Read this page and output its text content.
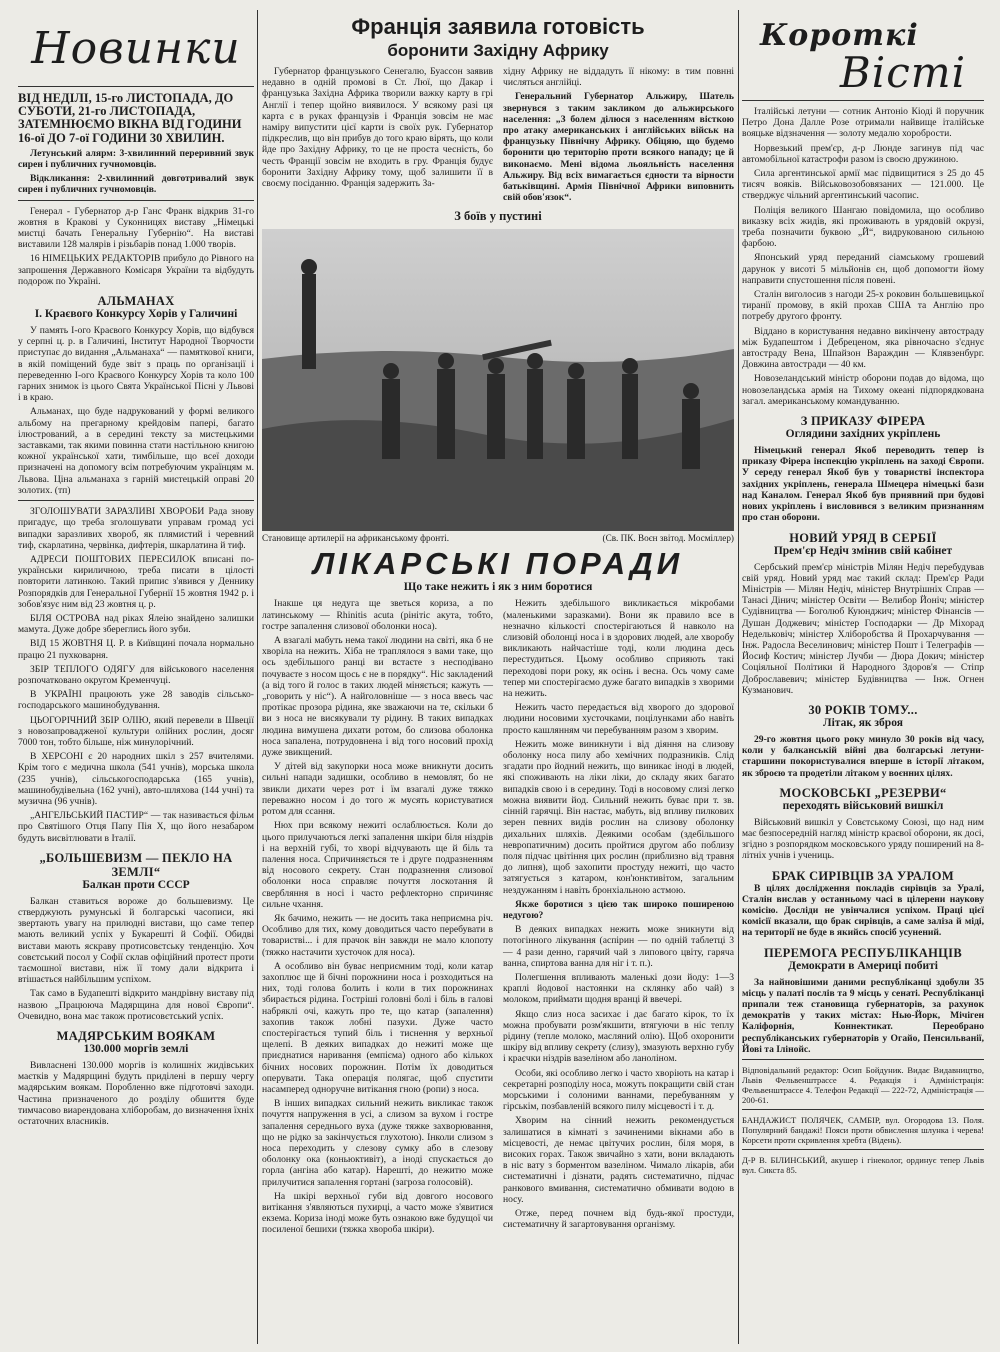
Новинки

ВІД НЕДІЛІ, 15-го ЛИСТОПАДА, ДО СУБОТИ, 21-го ЛИСТОПАДА, ЗАТЕМНЮЄМО ВІКНА ВІД ГОДИНИ 16-ої ДО 7-ої ГОДИНИ 30 ХВИЛИН.

Летунський алярм: 3-хвилинний переривний звук сирен і публичних гучномовців.

Відкликання: 2-хвилинний довготривалий звук сирен і публичних гучномовців.

Генерал - Губернатор д-р Ганс Франк відкрив 31-го жовтня в Кракові у Суконницях виставу „Німецькі мистці бачать Генеральну Губернію“. На виставі виставили 128 малярів і різьбарів понад 1.000 творів.

16 НІМЕЦЬКИХ РЕДАКТОРІВ прибуло до Рівного на запрошення Державного Комісаря України та відбудуть подорож по Україні.

АЛЬМАНАХ
I. Краєвого Конкурсу Хорів у Галичині

У память I-ого Краєвого Конкурсу Хорів, що відбувся у серпні ц. р. в Галичині, Інститут Народної Творчости приступає до видання „Альманаха“ — памяткової книги, в якій поміщений буде звіт з праць по організації і переведенню I-ого Краєвого Конкурсу Хорів та коло 100 гарних знимок із цього Свята Української Пісні у Львові і в краю.

Альманах, що буде надрукований у формі великого альбому на прегарному крейдовім папері, багато ілюстрований, а в середині тексту за мистецькими заставками, так якими повинна стати настільною книгою кожної української хати, тимбільше, що всеї доходи призначені на допомогу всім потребуючим українцям м. Львова. Ціна альманаха з гарній мистецькій оправі 20 золотих. (тп)

ЗГОЛОШУВАТИ ЗАРАЗЛИВІ ХВОРОБИ Рада знову пригадує, що треба зголошувати управам громад усі випадки заразливих хвороб, як плямистий і черевний тиф, скарлатина, червінка, дифтерія, шкарлатина й тиф.

АДРЕСИ ПОШТОВИХ ПЕРЕСИЛОК вписані по-українськи кириличною, треба писати в цілості повторити латинкою. Такий припис з'явився у Деннику Розпорядків для Генеральної Губернії 15 жовтня 1942 р. і зобов'язує ним від 23 жовтня ц. р.

БІЛЯ ОСТРОВА над ріках Ялеію знайдено залишки мамута. Дуже добре збереглись його зуби.

ВІД 15 ЖОВТНЯ Ц. Р. в Київщині почала нормально працю 21 пухковарня.

ЗБІР ТЕПЛОГО ОДЯГУ для військового населення розпочатковано округом Кременчуці.

В УКРАЇНІ працюють уже 28 заводів сільсько-господарського машинобудування.

ЦЬОГОРІЧНИЙ ЗБІР ОЛІЮ, який перевели в Швеції з новозапровадженої культури олійних рослин, досяг 7000 тон, тобто більше, ніж минулорічний.

В ХЕРСОНІ є 20 народних шкіл з 257 вчителями. Крім того є медична школа (541 учнів), морська школа (235 учнів), сільськогосподарська (165 учнів), машинобудівельна (162 учні), авто-шляхова (144 учні) та музична (96 учнів).

„АНГЕЛЬСЬКИЙ ПАСТИР“ — так називається фільм про Святішого Отця Папу Пія Х, що його незабаром будуть висвітлювати в Італії.

„БОЛЬШЕВИЗМ — ПЕКЛО НА ЗЕМЛІ“
Балкан проти СССР

Балкан ставиться вороже до большевизму. Це стверджують румунські й болгарські часописи, які звертають увагу на прилюдні вистави, що саме тепер мають великий успіх у Букарешті й Софії. Обидві вистави мають яскраву протисовєтську тенденцію. Хоч совєтський посол у Софії склав офіційний протест проти таємошної вистави, ніж її тому дали відкрита і втішається найбільшим успіхом.

Так само в Будапешті відкрито мандрівну виставу під назвою „Працююча Мадярщина для нової Європи“. Очевидно, вона має також протисовєтський успіх.

МАДЯРСЬКИМ ВОЯКАМ
130.000 моргів землі

Вивласнені 130.000 моргів із колишніх жидівських маєтків у Мадярщині будуть приділені в першу чергу мадярським воякам. Поробленно вже підготовчі заходи. Частина призначеного до розділу обшиття буде тимчасово виарендована хліборобам, до визначення їхніх остаточних власників.

Франція заявила готовість
боронити Західну Африку

Губернатор французького Сенегалю, Буассон заявив недавно в одній промові в Ст. Люї, що Дакар і французька Західна Африка творили важку карту в грі Англії і тепер щойно виявилося. У всякому разі ця карта є в руках французів і Франція зовсім не має наміру випустити цієї карти із своїх рук. Губернатор підкреслив, що він прибув до того краю вірять, що коли йде про Західну Африку, то це не проста чесність, бо честь Франції зовсім не входить в гру. Франція будує боронити Західну Африку тому, щоб залишити її в своєму посіданню. Франція задержить За-

хідну Африку не віддадуть її нікому: в тим повнні числяться англійці.

Генеральний Губернатор Альжиру, Шатель звернувся з таким закликом до альжирського населення: „З болем ділюся з населенням вісткою про атаку американських і англійських військ на французьку Північну Африку. Обіцяю, що будемо боронити цю територію проти всякого нападу; це й виконаємо. Мені відома льояльність населення Альжиру. Від всіх вимагається єдности та вірности батьківщині. Армія Північної Африки виповнить свій обов'язок“.

З боїв у пустині
Становище артилерії на африканському фронті.	(Св. ПК. Воєн звітод. Мосміллер)
ЛІКАРСЬКІ ПОРАДИ
Що таке нежить і як з ним боротися

Інакше ця недуга ще зветься кориза, а по латинському — Rhinitis acuta (рінітіс акута, тобто, гостре запалення слизової оболонки носа).

А взагалі мабуть нема такої людини на світі, яка б не хворіла на нежить. Хіба не траплялося з вами таке, що ось здебільшого ранці ви встаєте з несподівано почуваєте з носом щось є не в порядку“. Ніс закладений (а від того й голос в таких людей міняється; кажуть — „говорить у ніс“). А найголовніше — з носа ввесь час протікає прозора рідина, яке зважаючи на те, скільки б ви з носа не висякували ту рідину. В таких випадках людина вимушена дихати ротом, бо слизова оболонка носа запалена, потрудовнена і від того носовий прохід дуже звикщений.

У дітей від закупорки носа може вникнути досить сильні напади задишки, особливо в немовлят, бо не звикли дихати через рот і їм взагалі дуже тяжко переважно носом і до того ж мусять користуватися ротом для ссання.

Нюх при всякому нежиті ослаблюється. Коли до цього прилучаються легкі запалення шкіри біля ніздрів і на верхній губі, то хворі відчувають ще й біль та палення носа. Спричиняється те і друге подразненням від носового секрету. Стан подразнення слизової оболонки носа справляє почуття лоскотання й свербляння в носі і часто рефлекторно спричиняє сильне чхання.

Як бачимо, нежить — не досить така неприємна річ. Особливо для тих, кому доводиться часто перебувати в товаристві... і для прачок він завжди не мало клопоту (тяжко настачити хусточок для носа).

А особливо він буває неприємним тоді, коли катар захоплює ще й бічні порожнини носа і розходиться на них, тоді голова болить і коли в тих порожнинах збирається рідина. Гостріші головні болі і біль в галові набряклі очі, кажуть про те, що катар (запалення) захопив також лобні пазухи. Дуже часто спостерігається тупий біль і тиснення у верхньої щелепі. В деяких випадках до нежиті може ще приєднатися наривання (емпієма) одного або кількох бічних носових порожнин. Потім їх доводиться оперувати. Така операція полягає, щоб спустити насамперед одноручне витікання гною (ропи) з носа.

В інших випадках сильний нежить викликає також почуття напруження в усі, а слизом за вухом і гостре запалення середнього вуха (дуже тяжке захворювання, що не рідко за закінчується глухотою). Інколи слизом з носа переходить у слезову сумку або в слезову оболонку ока (коньюктивіт), а іноді спускається до горла (ангіна або катар). Нарешті, до нежитю може прилучитися запалення гортані (загроза голосовій).

На шкірі верхньої губи від довгого носового витікання з'являються пухирці, а часто може з'явитися екзема. Кориза іноді може буть ознакою вже будущої чи посиленої бешихи (тяжка хвороба шкіри).

Нежить здебільшого викликається мікробами (маленькими заразками). Вони як правило все в незначно кількості спостерігаються й навколо на слизовій оболонці носа і в здорових людей, але хворобу викликають найчастіше тоді, коли людина десь перестудиться. Цьому особливо сприяють такі переходові пори року, як осінь і весна. Ось чому саме тепер ми спостерігаємо дуже багато випадків з хворими на нежить.

Нежить часто передається від хворого до здорової людини носовими хусточками, поцілунками або навіть просто кашлянням чи перебуванням разом з хворим.

Нежить може виникнути і від діяння на слизову оболонку носа пилу або хемічних подразників. Слід згадати про йодний нежить, що виникає іноді в людей, які споживають на ліки ліки, до складу яких багато випадків свою і в середину. Тоді в носовому слизі легко можна виявити йод. Сильний нежить буває при т. зв. сінній гарячці. Він настає, мабуть, від впливу пилкових зерен певних видів рослин на слизову оболонку дихальних шляхів. Деякими особам (здебільшого невропатичним) досить пройтися другом або поблизу поля підчас цвітіння цих рослин (приблизно від травня до липня), щоб захопити простуду нежиті, що часто затягується з катаром, кон'юнктивітом, загальним нездужанням і навіть бронхіальною астмою.

Якже боротися з цією так широко поширеною недугою?

В деяких випадках нежить може зникнути від потогінного лікування (аспірин — по одній таблетці 3 — 4 рази денно, гарячий чай з липового цвіту, гаряча ванна, спиртова ванна для ніг і т. п.).

Полегшення впливають маленькі дози йоду: 1—3 краплі йодової настоянки на склянку або чай) з молоком, приймати щодня вранці й ввечері.

Якщо слиз носа засихає і дає багато кірок, то їх можна пробувати розм'якшити, втягуючи в ніс теплу рідину (тепле молоко, масляний олію). Щоб охоронити шкіру від впливу секрету (слизу), змазують верхню губу і краєчки ніздрів вазеліном або ланоліном.

Особи, які особливо легко і часто хворіють на катар і секретарні розподілу носа, можуть покращити свій стан морськими і солоними ваннами, перебуванням у гірськім, позбавленій всякого пилу місцевості і т. д.

Хворим на сінний нежить рекомендується залишатися в кімнаті з зачиненими вікнами або в місцевості, де немає цвітучих рослин, біля моря, в високих горах. Також звичайно з хати, вони вкладають в ніс вату з борментом вазеліном. Чимало лікарів, аби систематичні і дізнати, радять систематично, підчас ранкового вмивання, систематично обмивати водою в носу.

Отже, перед почнем від будь-якої простуди, систематичну й загартовування організму.

Короткі
Вісті

Італійські летуни — сотник Антоніо Кіоді й поручник Петро Дона Далле Розе отримали найвище італійське вояцьке відзначення — золоту медалю хоробрости.

Норвезький прем'єр, д-р Люнде загинув під час автомобільної катастрофи разом із своєю дружиною.

Сила аргентинської армії має підвищитися з 25 до 45 тисяч вояків. Військовозобовязаних — 121.000. Це стверджує чільний аргентинський часопис.

Поліція великого Шангаю повідомила, що особливо виказку всіх жидів, які проживають в урядовій окрузі, треба позначити буквою „Й“, видрукованою сильною фарбою.

Японський уряд переданий сіамському грошевий дарунок у висоті 5 мільйонів єн, щоб допомогти йому направити спустошення після повені.

Сталін виголосив з нагоди 25-х роковин большевицької тиранії промову, в якій прохав США та Англію про потребу другого фронту.

Віддано в користування недавно викінчену автостраду між Будапештом і Дебреценом, яка рівночасно з'єднує автостраду Вена, Шпайзон Вараждин — Клявзенбург. Довжина автостради — 40 км.

Новозеландський міністр оборони подав до відома, що новозеландська армія на Тихому океані підпорядкована загал. американському командуванню.

З ПРИКАЗУ ФІРЕРА
Оглядини західних укріплень

Німецький генерал Якоб переводить тепер із приказу Фірера інспекцію укріплень на заході Європи. У середу генерал Якоб був у товаристві інспектора західних укріплень, генерала Шмецера німецькі бази над Каналом. Генерал Якоб був приявний при будові нових укріплень і висловився з великим признанням про стан оборони.

НОВИЙ УРЯД В СЕРБІЇ
Прем'єр Недіч змінив свій кабінет

Сербський прем'єр міністрів Мілян Недіч перебудував свій уряд. Новий уряд має такий склад: Прем'єр Ради Міністрів — Мілян Недіч, міністер Внутрішніх Справ — Танасі Дінич; міністер Освіти — Велибор Йоніч; міністер Судівництва — Боголюб Куюнджич; міністер Фінансів — Душан Доджевич; міністер Господарки — Др Міхорад Недельковіч; міністер Хліборобства й Прохарчування — Інж. Радосла Веселинович; міністер Пошт і Телеграфів — Йосиф Костич; міністер Лучби — Дюра Докич; міністер Соціяльної Політики й Народного Здоров'я — Стіпр Доброславевич; міністер Будівництва — Інж. Огнен Кузманович.

30 РОКІВ ТОМУ...
Літак, як зброя

29-го жовтня цього року минуло 30 років від часу, коли у балканській війні два болгарські летуни-старшини покористувалися вперше в історії літаком, як зброєю та продетіли літаком у воєнних цілях.

МОСКОВСЬКІ „РЕЗЕРВИ“
переходять військовий вишкіл

Військовий вишкіл у Совєтському Союзі, що над ним має безпосередній нагляд міністр краєвої оборони, як досі, згідно з розпорядком московського уряду поширений на 8-літніх учнів і учениць.

БРАК СИРІВЦІВ ЗА УРАЛОМ

В цілях дослідження покладів сирівців за Уралі, Сталін вислав у останньому часі в цілерени наукову комісію. Досліди не увінчалися успіхом. Праці цієї комісії вказали, що брак сирівців, а саме заліза й міді, на території не буде в якийсь спосіб усунений.

ПЕРЕМОГА РЕСПУБЛІКАНЦІВ
Демократи в Америці побиті

За найновішими даними республіканці здобули 35 місць у палаті послів та 9 місць у сенаті. Республіканці припали теж становища губернаторів, за рахунок демократів у таких містах: Нью-Йорк, Мічіген Каліфорнія, Коннектикат. Переобрано республіканських губернаторів у Огайо, Пенсильванії, Йові та Ілінойс.

Відповідальний редактор: Осип Бойдуник. Видає Видавництво, Львів Фельвенштрассе 4. Редакція і Адміністрація: Фельвенштрассе 4. Телефон Редакції — 222-72, Адміністрація — 200-61.

БАНДАЖИСТ ПОЛЯЧЕК, САМБІР, вул. Огородова 13. Поля. Популярний бандажі! Пояси проти обвислення шлунка і черева! Корсети проти скривлення хребта (Відень).

Д-Р В. БІЛИНСЬКИЙ, акушер і гінеколог, ординує тепер Львів вул. Сикста 85.
